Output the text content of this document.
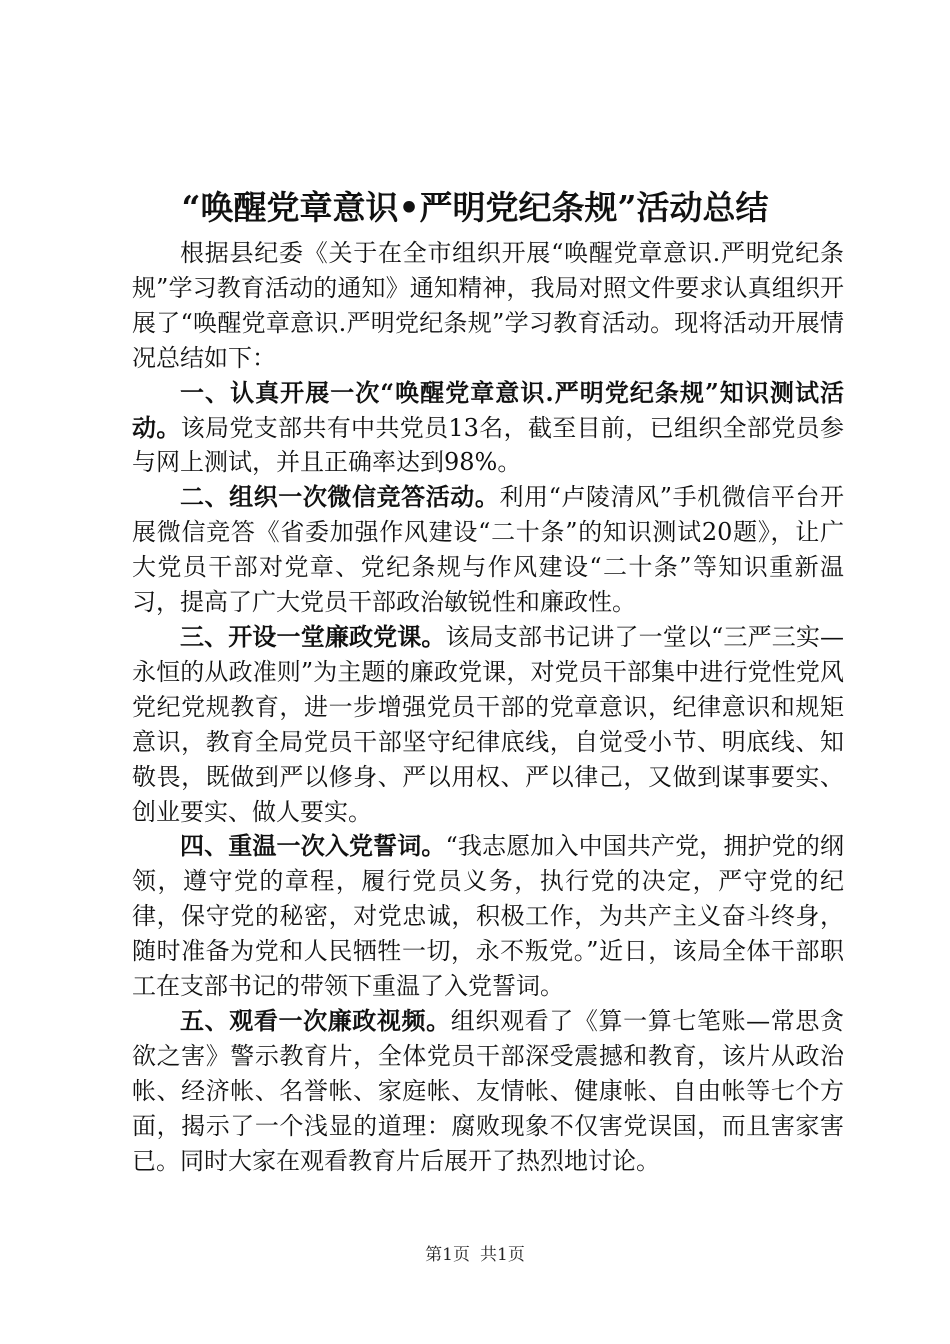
“唤醒党章意识•严明党纪条规”活动总结

根据县纪委《关于在全市组织开展“唤醒党章意识.严明党纪条规”学习教育活动的通知》通知精神，我局对照文件要求认真组织开展了“唤醒党章意识.严明党纪条规”学习教育活动。现将活动开展情况总结如下：

一、认真开展一次“唤醒党章意识.严明党纪条规”知识测试活动。该局党支部共有中共党员13名，截至目前，已组织全部党员参与网上测试，并且正确率达到98%。

二、组织一次微信竞答活动。利用“卢陵清风”手机微信平台开展微信竞答《省委加强作风建设“二十条”的知识测试20题》，让广大党员干部对党章、党纪条规与作风建设“二十条”等知识重新温习，提高了广大党员干部政治敏锐性和廉政性。

三、开设一堂廉政党课。该局支部书记讲了一堂以“三严三实—永恒的从政准则”为主题的廉政党课，对党员干部集中进行党性党风党纪党规教育，进一步增强党员干部的党章意识，纪律意识和规矩意识，教育全局党员干部坚守纪律底线，自觉受小节、明底线、知敬畏，既做到严以修身、严以用权、严以律己，又做到谋事要实、创业要实、做人要实。

四、重温一次入党誓词。“我志愿加入中国共产党，拥护党的纲领，遵守党的章程，履行党员义务，执行党的决定，严守党的纪律，保守党的秘密，对党忠诚，积极工作，为共产主义奋斗终身，随时准备为党和人民牺牲一切，永不叛党。”近日，该局全体干部职工在支部书记的带领下重温了入党誓词。

五、观看一次廉政视频。组织观看了《算一算七笔账—常思贪欲之害》警示教育片，全体党员干部深受震撼和教育，该片从政治帐、经济帐、名誉帐、家庭帐、友情帐、健康帐、自由帐等七个方面，揭示了一个浅显的道理：腐败现象不仅害党误国，而且害家害已。同时大家在观看教育片后展开了热烈地讨论。

第1页 共1页
